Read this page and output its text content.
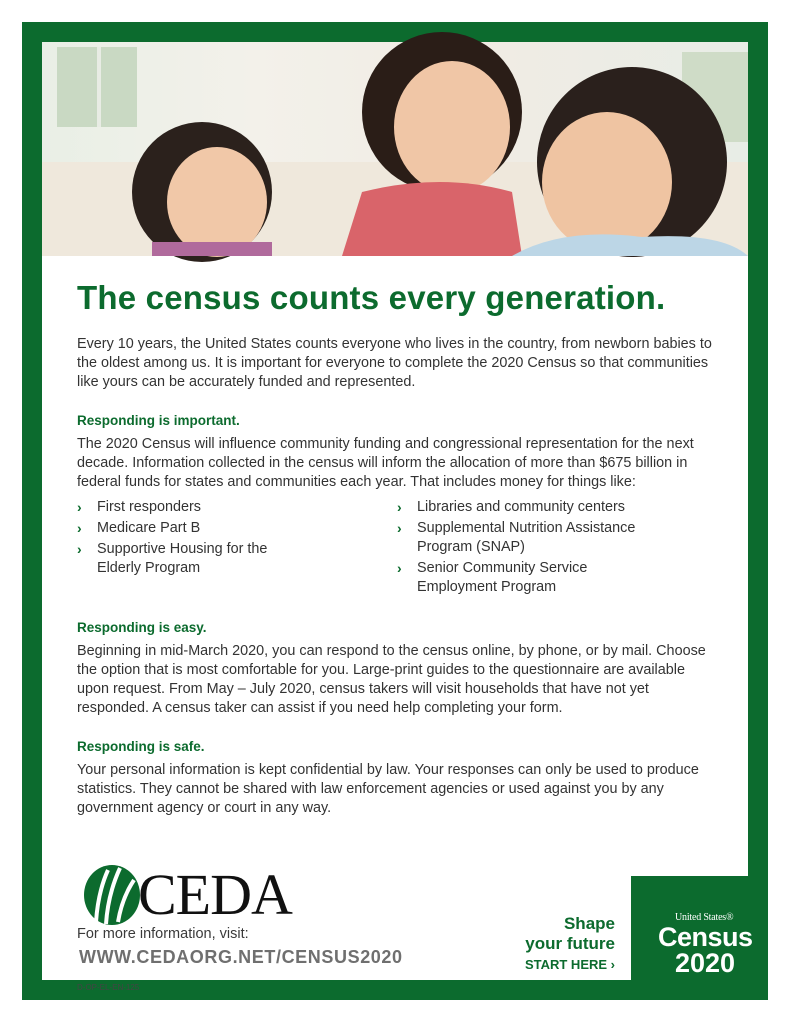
The census counts every generation.

Every 10 years, the United States counts everyone who lives in the country, from newborn babies to the oldest among us. It is important for everyone to complete the 2020 Census so that communities like yours can be accurately funded and represented.

Responding is important.

The 2020 Census will influence community funding and congressional representation for the next decade. Information collected in the census will inform the allocation of more than $675 billion in federal funds for states and communities each year. That includes money for things like:

›	First responders
›	Medicare Part B
›	Supportive Housing for the Elderly Program
›	Libraries and community centers
›	Supplemental Nutrition Assistance Program (SNAP)
›	Senior Community Service Employment Program
Responding is easy.

Beginning in mid-March 2020, you can respond to the census online, by phone, or by mail. Choose the option that is most comfortable for you. Large-print guides to the questionnaire are available upon request. From May – July 2020, census takers will visit households that have not yet responded. A census taker can assist if you need help completing your form.

Responding is safe.

Your personal information is kept confidential by law. Your responses can only be used to produce statistics. They cannot be shared with law enforcement agencies or used against you by any government agency or court in any way.

CEDA
For more information, visit:
WWW.CEDAORG.NET/CENSUS2020
D-OP-EL-EN-125
Shape
your future
START HERE ›
United States®
Census
2020
